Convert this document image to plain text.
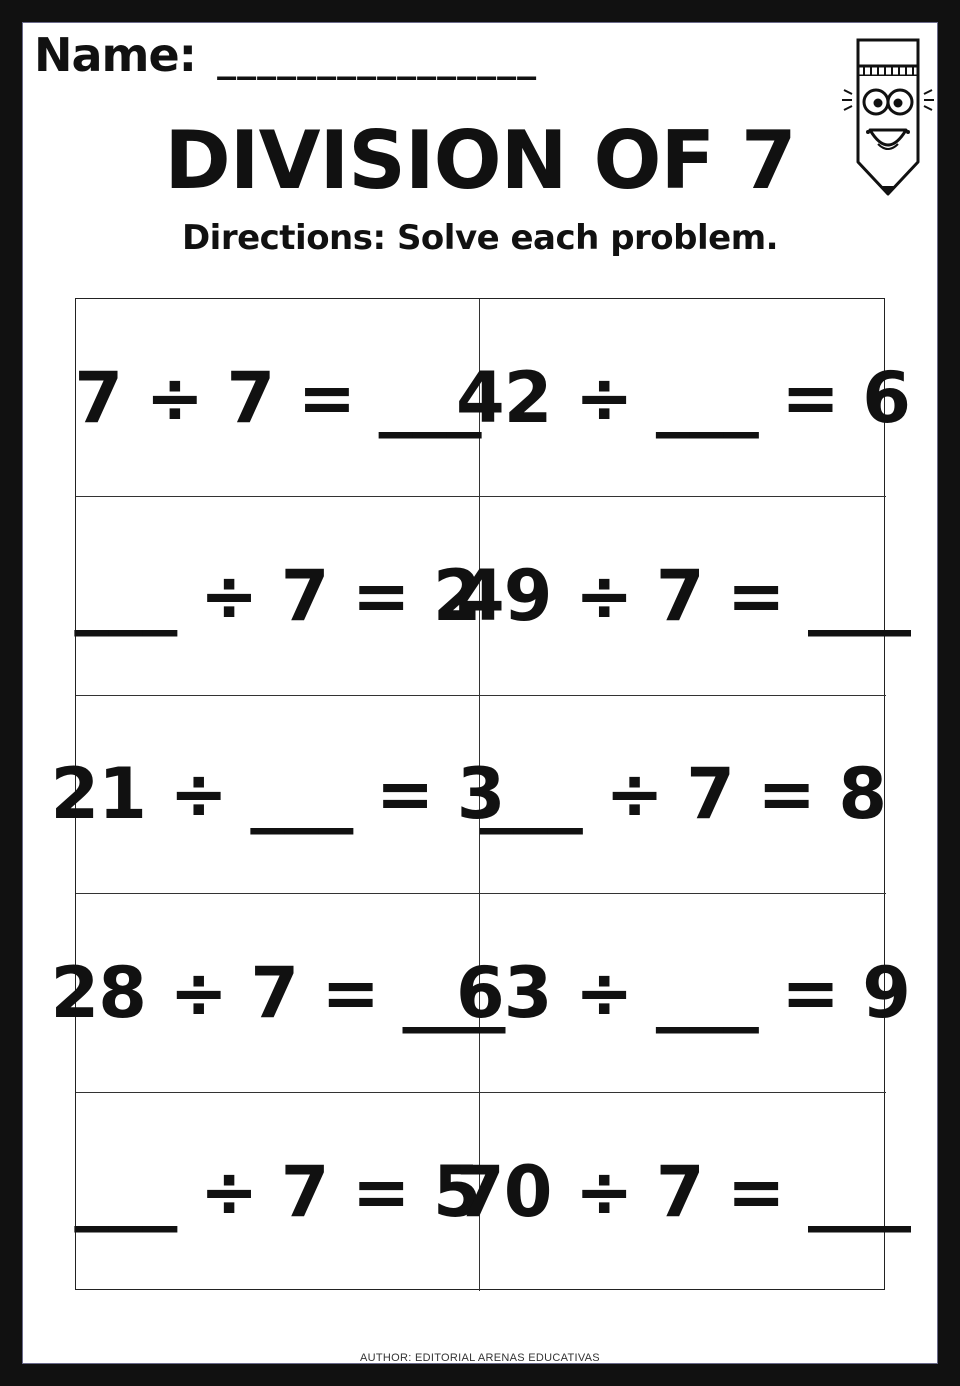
Name: ________________
DIVISION OF 7
Directions: Solve each problem.
7 ÷ 7 = ___
42 ÷ ___ = 6
___ ÷ 7 = 2
49 ÷ 7 = ___
21 ÷ ___ = 3
___ ÷ 7 = 8
28 ÷ 7 = ___
63 ÷ ___ = 9
___ ÷ 7 = 5
70 ÷ 7 = ___
AUTHOR: EDITORIAL ARENAS EDUCATIVAS
